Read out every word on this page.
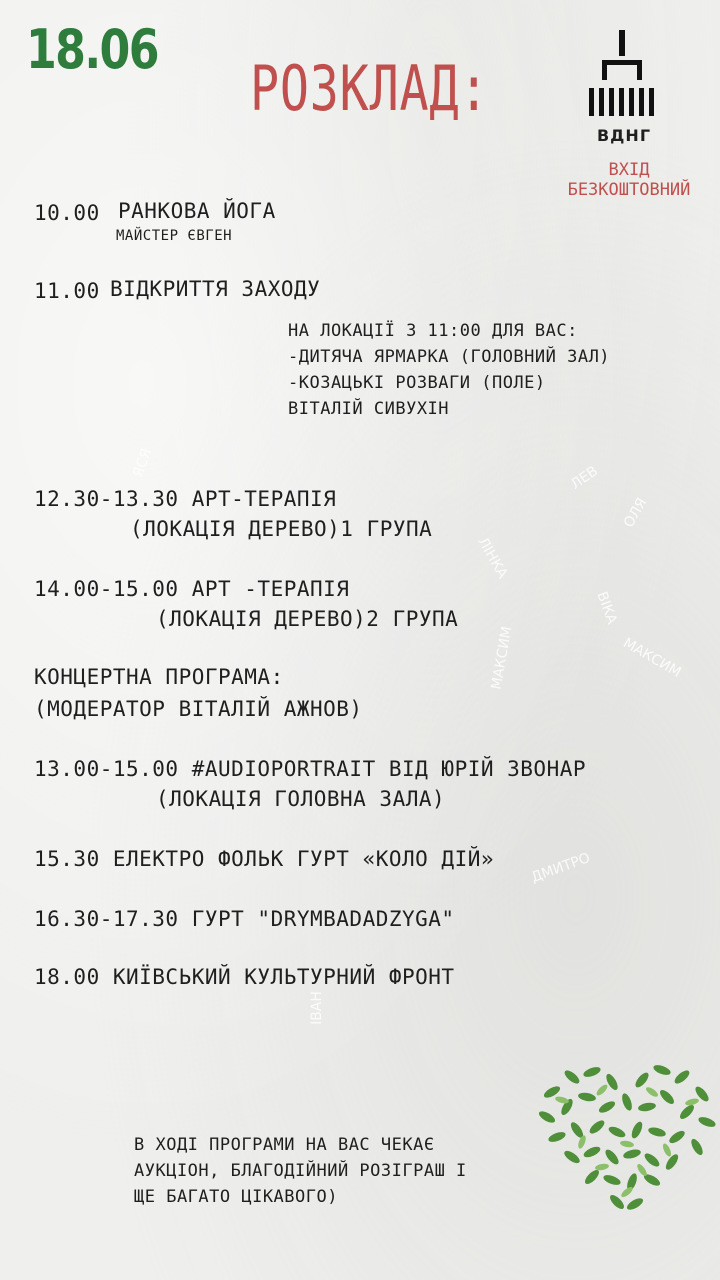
18.06
РОЗКЛАД:
ВДНГ
ВХІД
БЕЗКОШТОВНИЙ
ЯСЯ	ЛЕВ
ОЛЯ
ЛІНКА
ВІКА
МАКСИМ
МАКСИМ
ІВАН
ДМИТРО
10.00 РАНКОВА ЙОГА
МАЙСТЕР ЄВГЕН
11.00 ВІДКРИТТЯ ЗАХОДУ
НА ЛОКАЦІЇ З 11:00 ДЛЯ ВАС:
-ДИТЯЧА ЯРМАРКА (ГОЛОВНИЙ ЗАЛ)
-КОЗАЦЬКІ РОЗВАГИ (ПОЛЕ)
ВІТАЛІЙ СИВУХІН
12.30-13.30 АРТ-ТЕРАПІЯ
(ЛОКАЦІЯ ДЕРЕВО)1 ГРУПА
14.00-15.00 АРТ -ТЕРАПІЯ
(ЛОКАЦІЯ ДЕРЕВО)2 ГРУПА
КОНЦЕРТНА ПРОГРАМА:
(МОДЕРАТОР ВІТАЛІЙ АЖНОВ)
13.00-15.00 #AUDIOPORTRAIT ВІД ЮРІЙ ЗВОНАР
(ЛОКАЦІЯ ГОЛОВНА ЗАЛА)
15.30 ЕЛЕКТРО ФОЛЬК ГУРТ «КОЛО ДІЙ»
16.30-17.30 ГУРТ "DRYMBADADZYGA"
18.00 КИЇВСЬКИЙ КУЛЬТУРНИЙ ФРОНТ
В ХОДІ ПРОГРАМИ НА ВАС ЧЕКАЄ
АУКЦІОН, БЛАГОДІЙНИЙ РОЗІГРАШ І
ЩЕ БАГАТО ЦІКАВОГО)
